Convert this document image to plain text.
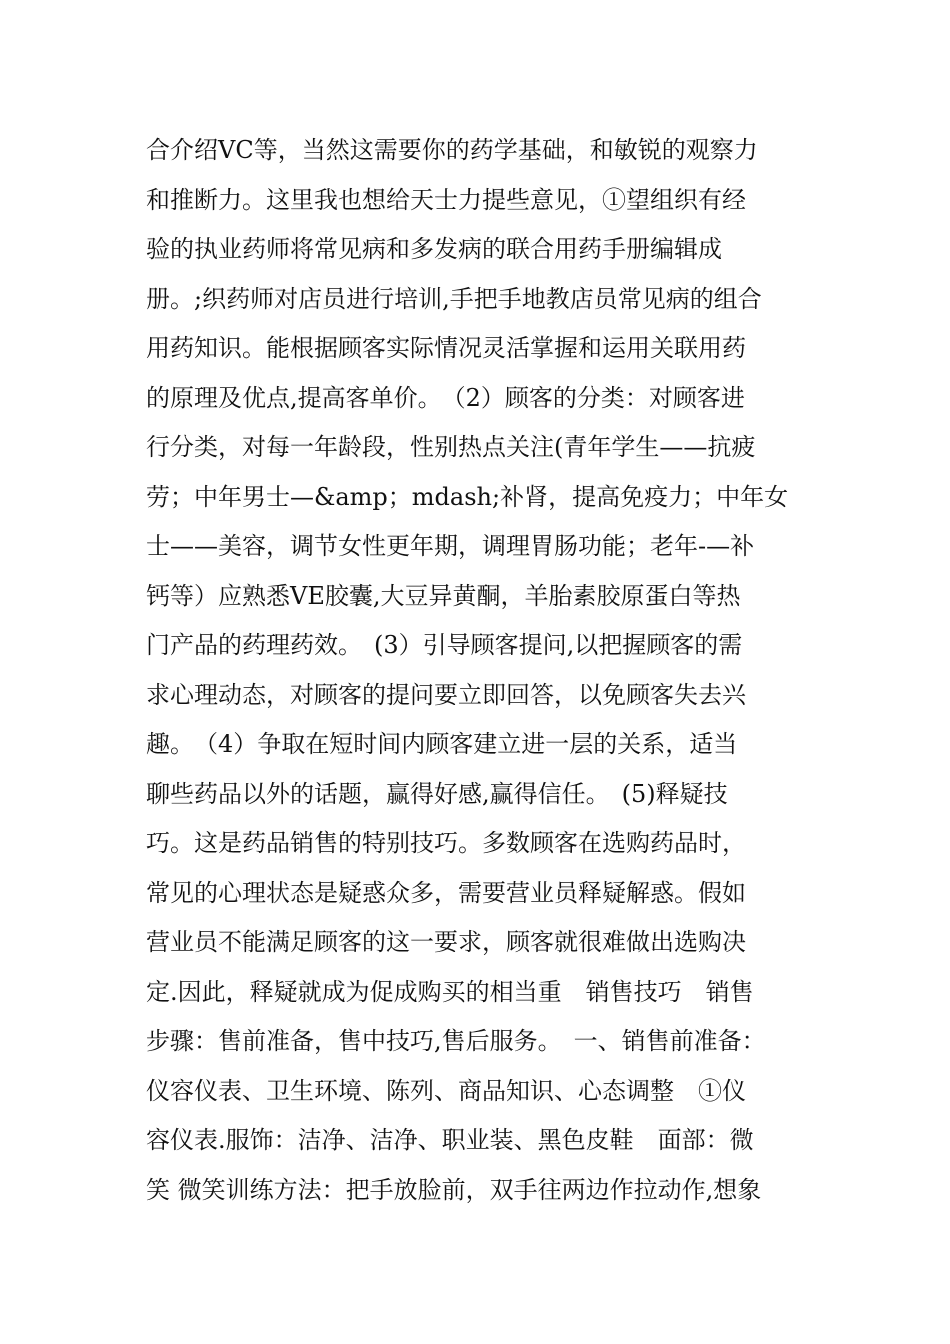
合介绍VC等，当然这需要你的药学基础，和敏锐的观察力
和推断力。这里我也想给天士力提些意见，①望组织有经
验的执业药师将常见病和多发病的联合用药手册编辑成
册。;织药师对店员进行培训,手把手地教店员常见病的组合
用药知识。能根据顾客实际情况灵活掌握和运用关联用药
的原理及优点,提高客单价。　（2）顾客的分类：对顾客进
行分类，对每一年龄段，性别热点关注(青年学生——抗疲
劳；中年男士—&amp；mdash;补肾，提高免疫力；中年女
士——美容，调节女性更年期，调理胃肠功能；老年-—补
钙等）应熟悉VE胶囊,大豆异黄酮，羊胎素胶原蛋白等热
门产品的药理药效。　(3）引导顾客提问,以把握顾客的需
求心理动态，对顾客的提问要立即回答，以免顾客失去兴
趣。　（4）争取在短时间内顾客建立进一层的关系，适当
聊些药品以外的话题，赢得好感,赢得信任。　(5)释疑技
巧。这是药品销售的特别技巧。多数顾客在选购药品时，
常见的心理状态是疑惑众多，需要营业员释疑解惑。假如
营业员不能满足顾客的这一要求，顾客就很难做出选购决
定.因此，释疑就成为促成购买的相当重　销售技巧　销售
步骤：售前准备，售中技巧,售后服务。　一、销售前准备：
仪容仪表、卫生环境、陈列、商品知识、心态调整　①仪
容仪表.服饰：洁净、洁净、职业装、黑色皮鞋　面部：微
笑 微笑训练方法：把手放脸前，双手往两边作拉动作,想象
